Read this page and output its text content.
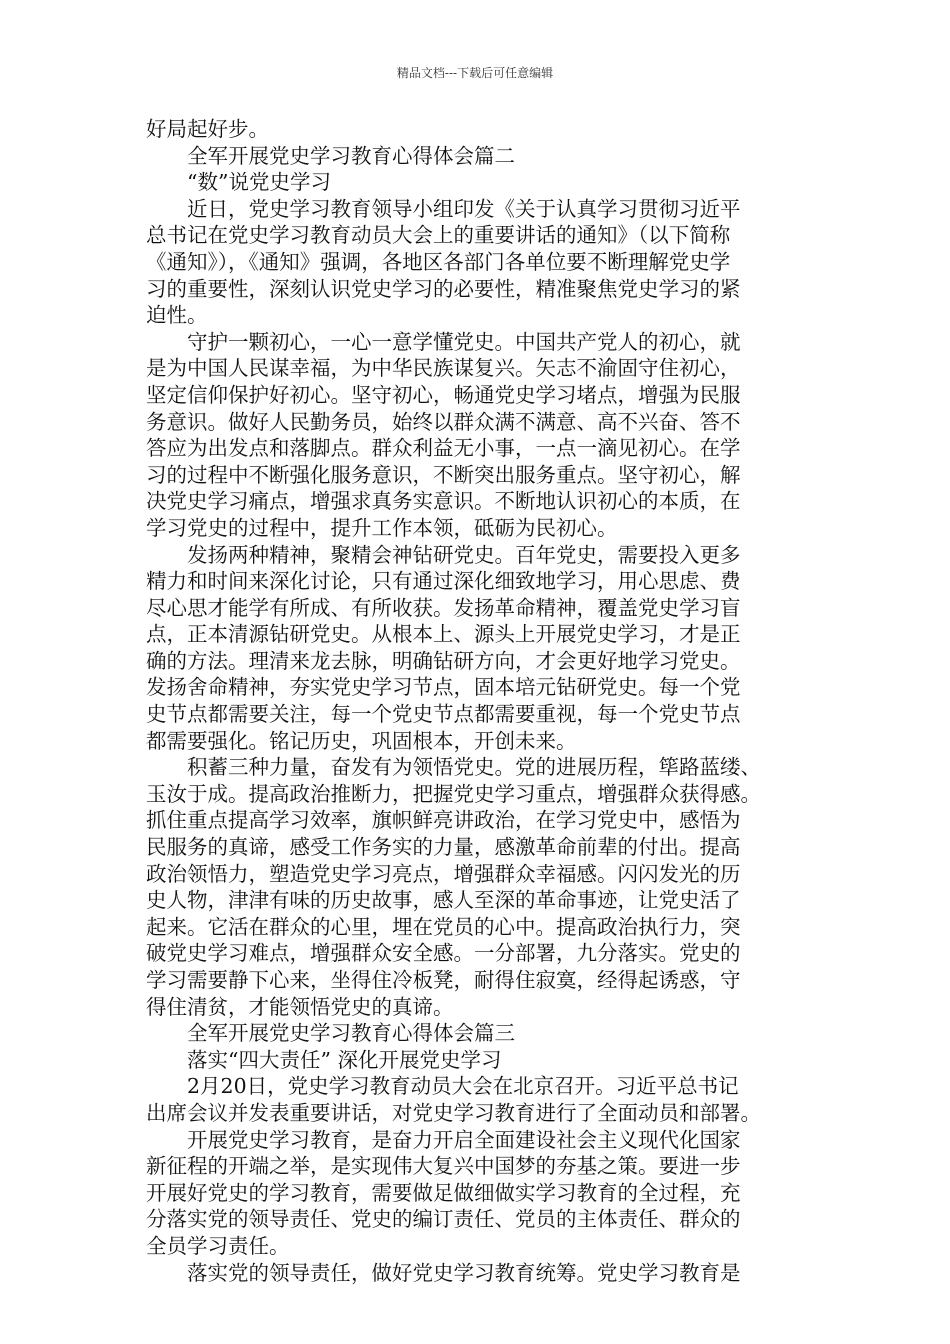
精品文档---下载后可任意编辑
好局起好步。
　　全军开展党史学习教育心得体会篇二
　　“数”说党史学习
　　近日，党史学习教育领导小组印发《关于认真学习贯彻习近平
总书记在党史学习教育动员大会上的重要讲话的通知》（以下简称
《通知》），《通知》强调，各地区各部门各单位要不断理解党史学
习的重要性，深刻认识党史学习的必要性，精准聚焦党史学习的紧
迫性。
　　守护一颗初心，一心一意学懂党史。中国共产党人的初心，就
是为中国人民谋幸福，为中华民族谋复兴。矢志不渝固守住初心，
坚定信仰保护好初心。坚守初心，畅通党史学习堵点，增强为民服
务意识。做好人民勤务员，始终以群众满不满意、高不兴奋、答不
答应为出发点和落脚点。群众利益无小事，一点一滴见初心。在学
习的过程中不断强化服务意识，不断突出服务重点。坚守初心，解
决党史学习痛点，增强求真务实意识。不断地认识初心的本质，在
学习党史的过程中，提升工作本领，砥砺为民初心。
　　发扬两种精神，聚精会神钻研党史。百年党史，需要投入更多
精力和时间来深化讨论，只有通过深化细致地学习，用心思虑、费
尽心思才能学有所成、有所收获。发扬革命精神，覆盖党史学习盲
点，正本清源钻研党史。从根本上、源头上开展党史学习，才是正
确的方法。理清来龙去脉，明确钻研方向，才会更好地学习党史。
发扬舍命精神，夯实党史学习节点，固本培元钻研党史。每一个党
史节点都需要关注，每一个党史节点都需要重视，每一个党史节点
都需要强化。铭记历史，巩固根本，开创未来。
　　积蓄三种力量，奋发有为领悟党史。党的进展历程，筚路蓝缕、
玉汝于成。提高政治推断力，把握党史学习重点，增强群众获得感。
抓住重点提高学习效率，旗帜鲜亮讲政治，在学习党史中，感悟为
民服务的真谛，感受工作务实的力量，感激革命前辈的付出。提高
政治领悟力，塑造党史学习亮点，增强群众幸福感。闪闪发光的历
史人物，津津有味的历史故事，感人至深的革命事迹，让党史活了
起来。它活在群众的心里，埋在党员的心中。提高政治执行力，突
破党史学习难点，增强群众安全感。一分部署，九分落实。党史的
学习需要静下心来，坐得住冷板凳，耐得住寂寞，经得起诱惑，守
得住清贫，才能领悟党史的真谛。
　　全军开展党史学习教育心得体会篇三
　　落实“四大责任” 深化开展党史学习
　　2月20日，党史学习教育动员大会在北京召开。习近平总书记
出席会议并发表重要讲话，对党史学习教育进行了全面动员和部署。
　　开展党史学习教育，是奋力开启全面建设社会主义现代化国家
新征程的开端之举，是实现伟大复兴中国梦的夯基之策。要进一步
开展好党史的学习教育，需要做足做细做实学习教育的全过程，充
分落实党的领导责任、党史的编订责任、党员的主体责任、群众的
全员学习责任。
　　落实党的领导责任，做好党史学习教育统筹。党史学习教育是
